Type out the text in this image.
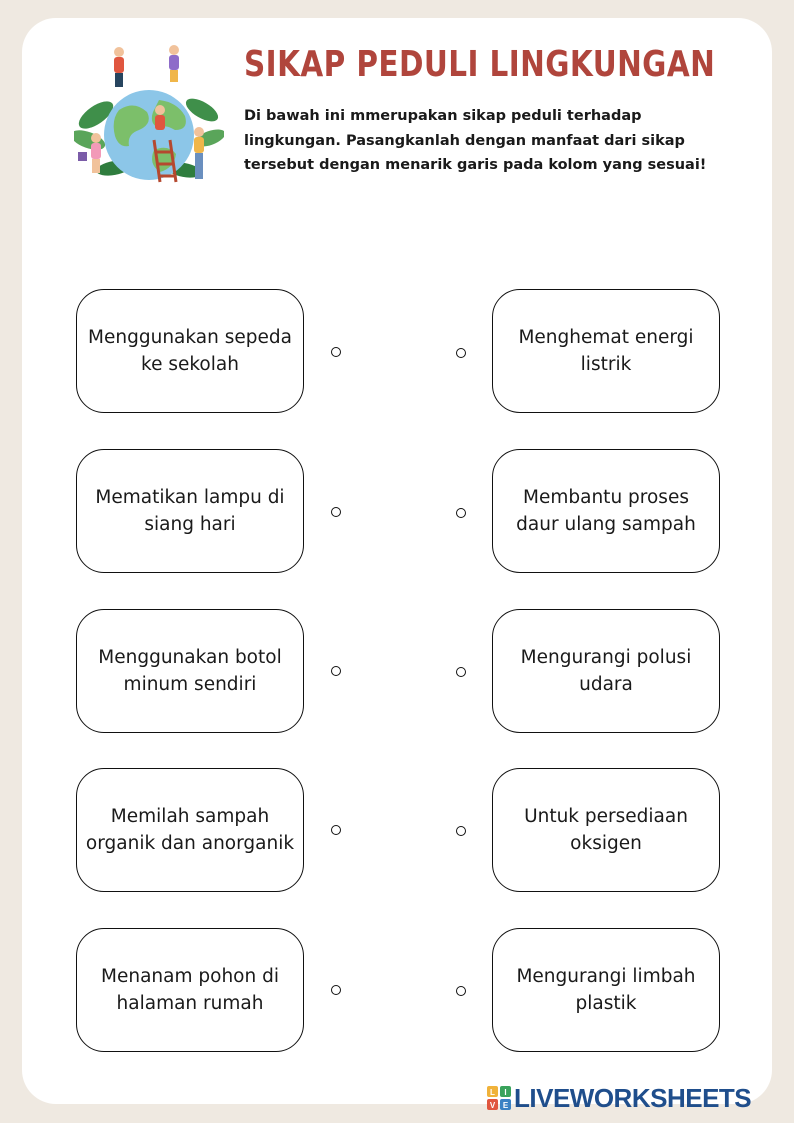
SIKAP PEDULI LINGKUNGAN

Di bawah ini mmerupakan sikap peduli terhadap lingkungan. Pasangkanlah dengan manfaat dari sikap tersebut dengan menarik garis pada kolom yang sesuai!

Menggunakan sepeda ke sekolah
Mematikan lampu di siang hari
Menggunakan botol minum sendiri
Memilah sampah organik dan anorganik
Menanam pohon di halaman rumah
Menghemat energi listrik
Membantu proses daur ulang sampah
Mengurangi polusi udara
Untuk persediaan oksigen
Mengurangi limbah plastik
L I
V E LIVEWORKSHEETS
